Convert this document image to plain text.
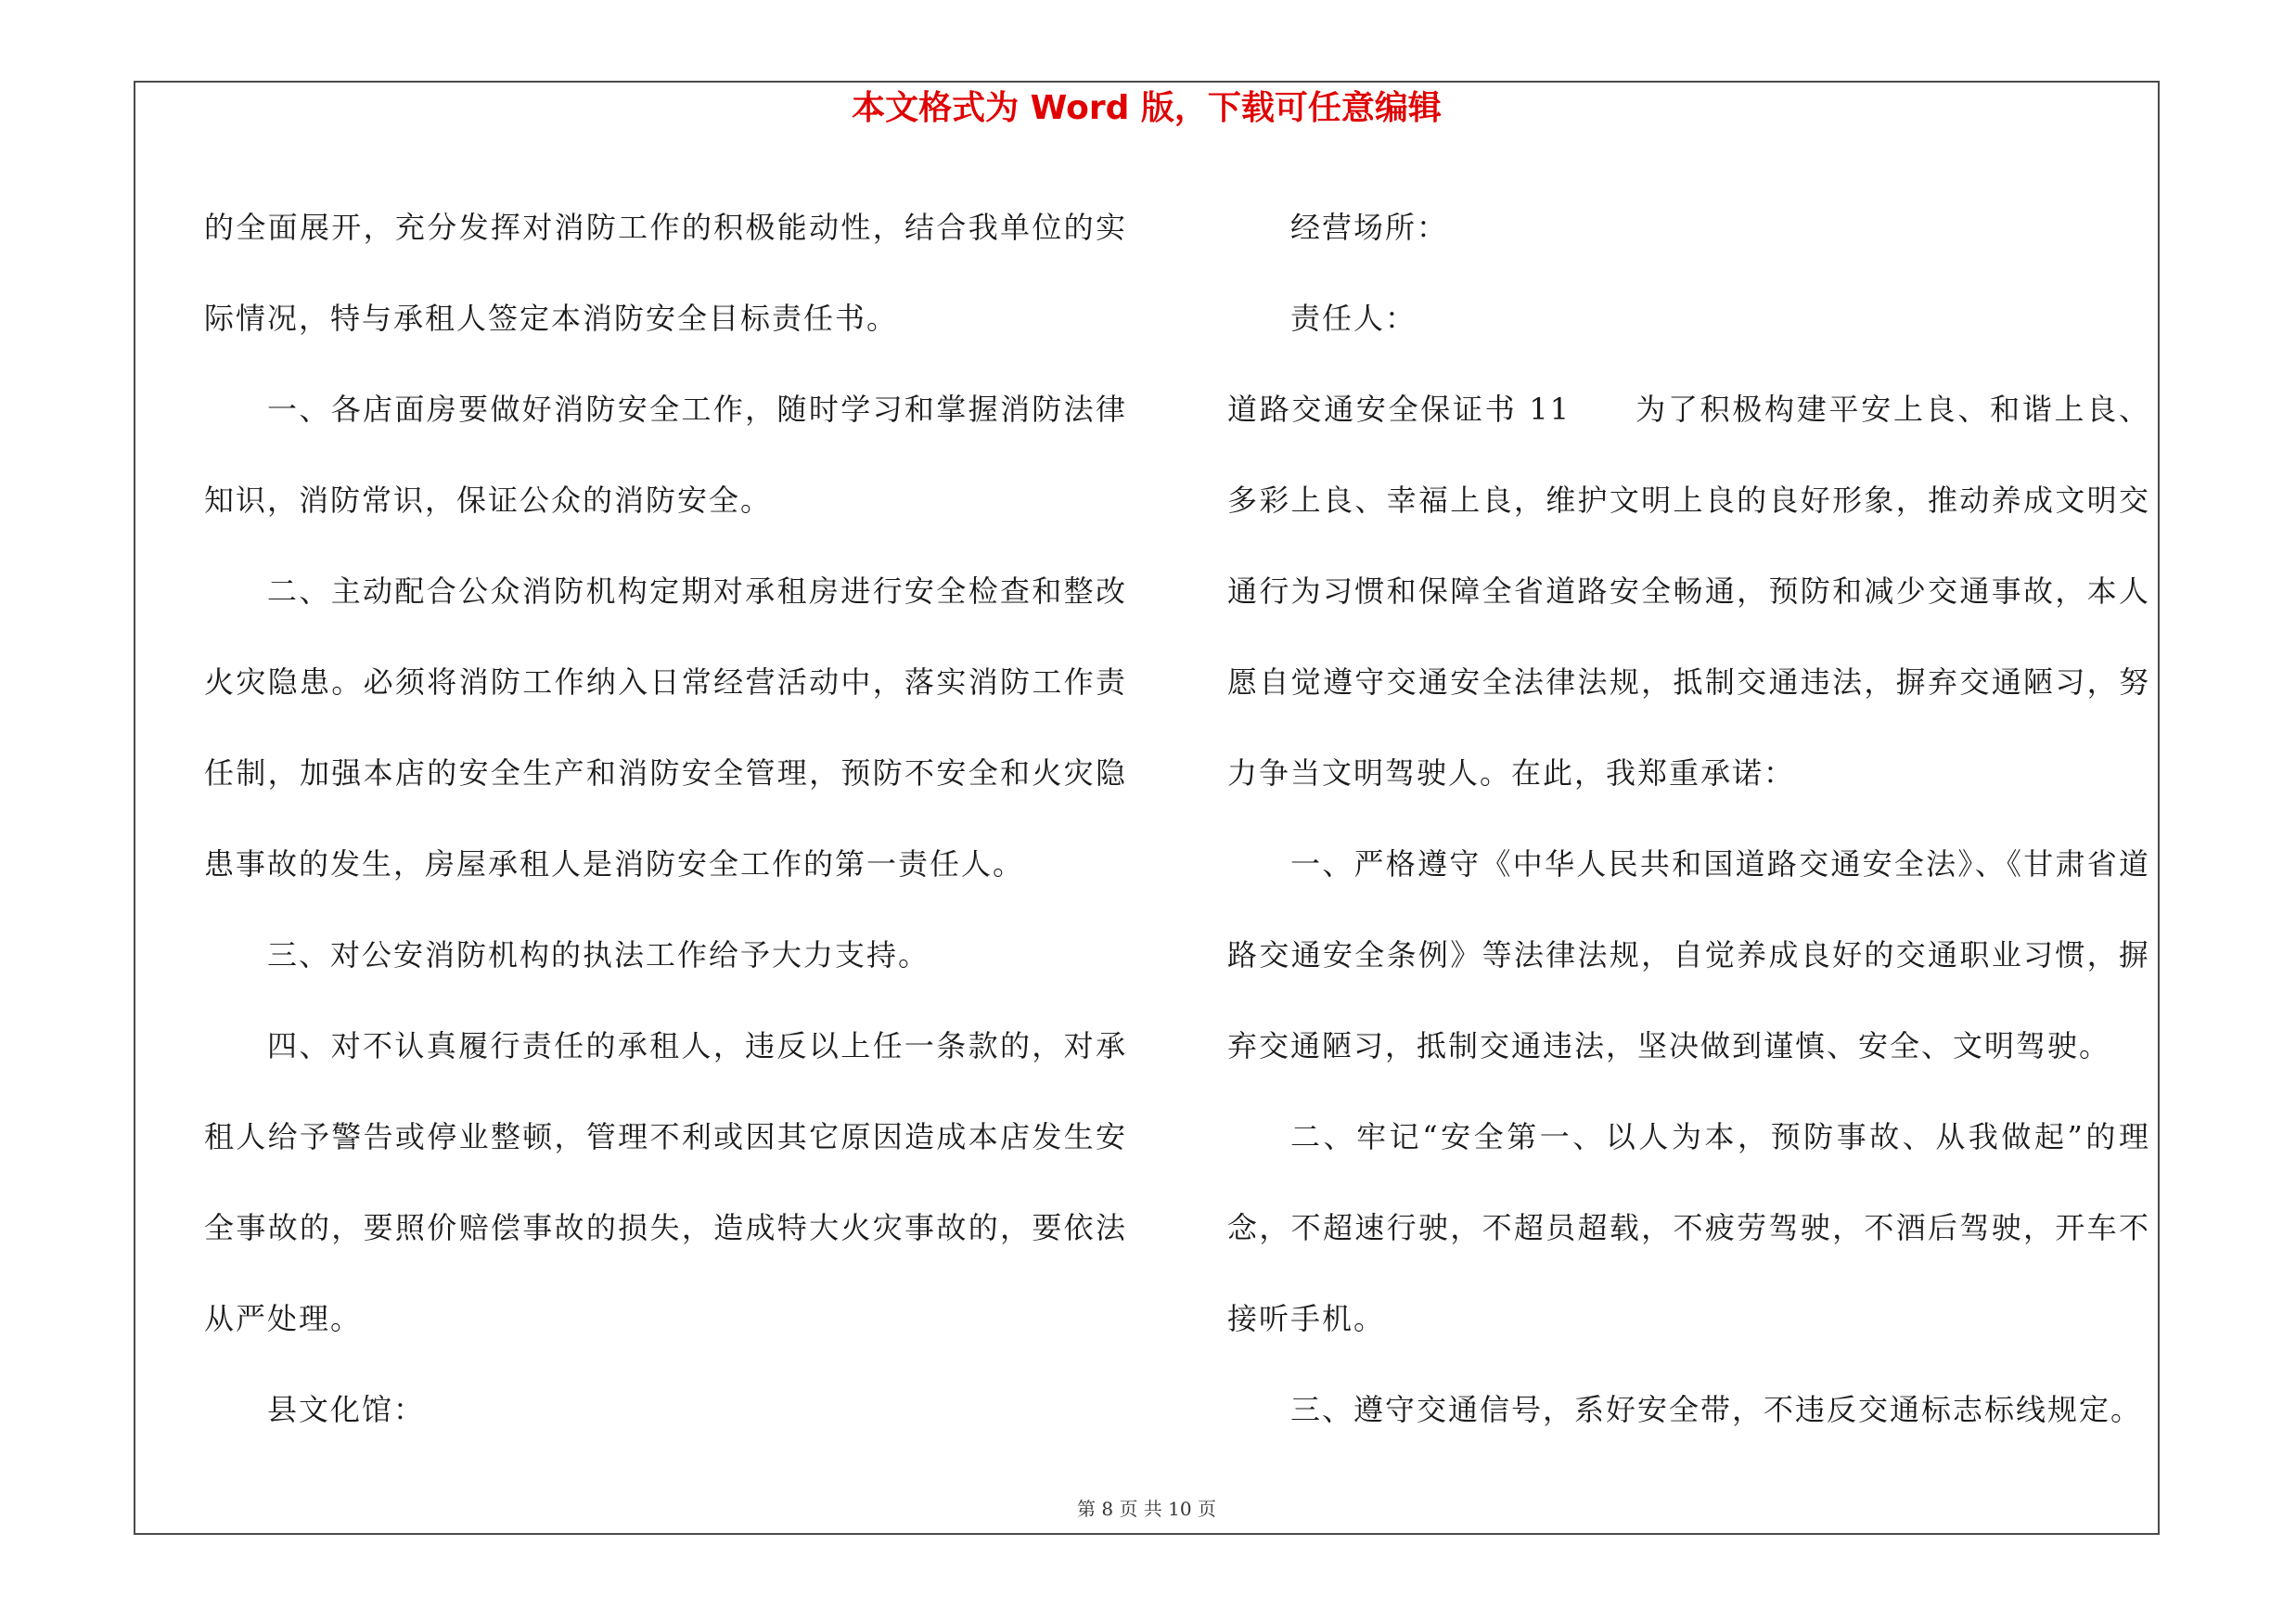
本文格式为 Word 版，下载可任意编辑

的全面展开，充分发挥对消防工作的积极能动性，结合我单位的实际情况，特与承租人签定本消防安全目标责任书。

一、各店面房要做好消防安全工作，随时学习和掌握消防法律知识，消防常识，保证公众的消防安全。

二、主动配合公众消防机构定期对承租房进行安全检查和整改火灾隐患。必须将消防工作纳入日常经营活动中，落实消防工作责任制，加强本店的安全生产和消防安全管理，预防不安全和火灾隐患事故的发生，房屋承租人是消防安全工作的第一责任人。

三、对公安消防机构的执法工作给予大力支持。

四、对不认真履行责任的承租人，违反以上任一条款的，对承租人给予警告或停业整顿，管理不利或因其它原因造成本店发生安全事故的，要照价赔偿事故的损失，造成特大火灾事故的，要依法从严处理。

县文化馆：

经营场所：

责任人：

道路交通安全保证书 11　　为了积极构建平安上良、和谐上良、多彩上良、幸福上良，维护文明上良的良好形象，推动养成文明交通行为习惯和保障全省道路安全畅通，预防和减少交通事故，本人愿自觉遵守交通安全法律法规，抵制交通违法，摒弃交通陋习，努力争当文明驾驶人。在此，我郑重承诺：

一、严格遵守《中华人民共和国道路交通安全法》、《甘肃省道路交通安全条例》等法律法规，自觉养成良好的交通职业习惯，摒弃交通陋习，抵制交通违法，坚决做到谨慎、安全、文明驾驶。

二、牢记“安全第一、以人为本，预防事故、从我做起”的理念，不超速行驶，不超员超载，不疲劳驾驶，不酒后驾驶，开车不接听手机。

三、遵守交通信号，系好安全带，不违反交通标志标线规定。

第 8 页 共 10 页
